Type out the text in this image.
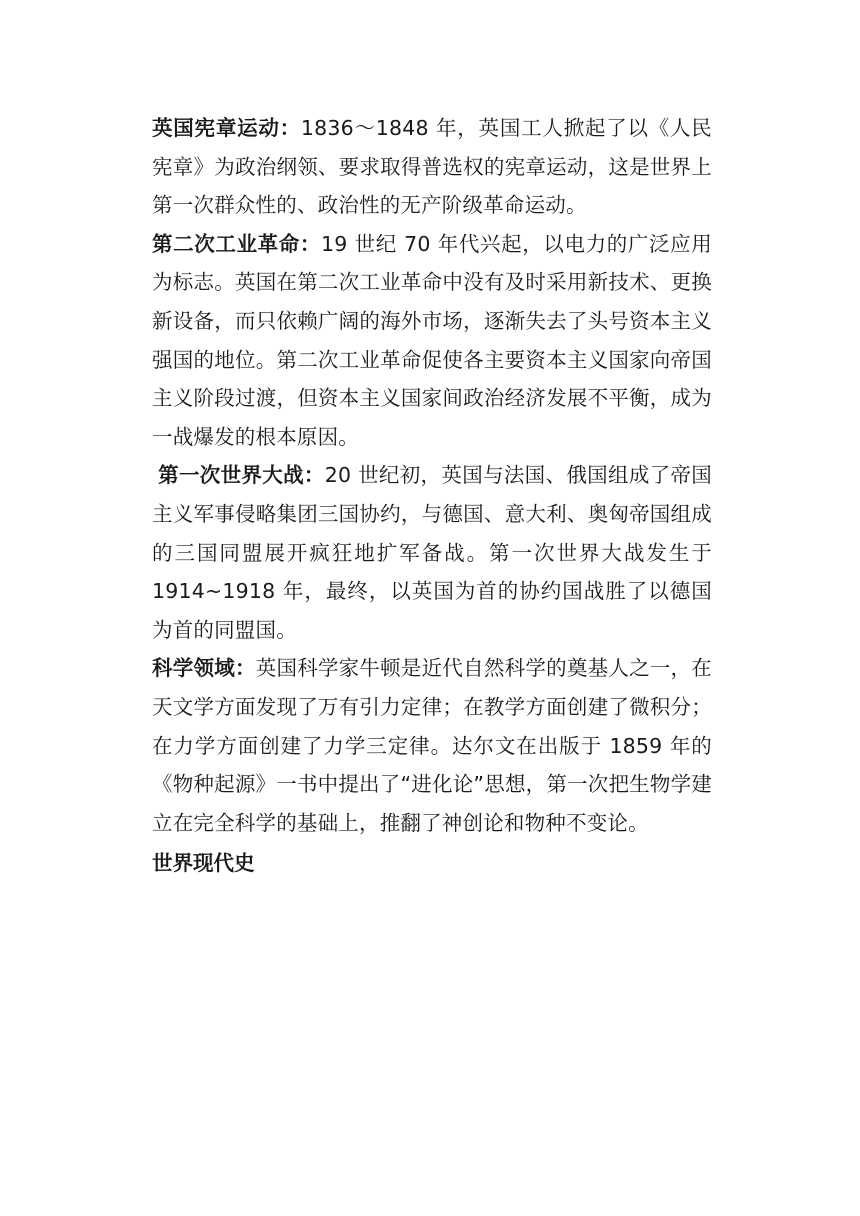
英国宪章运动：1836～1848 年，英国工人掀起了以《人民宪章》为政治纲领、要求取得普选权的宪章运动，这是世界上第一次群众性的、政治性的无产阶级革命运动。

第二次工业革命：19 世纪 70 年代兴起，以电力的广泛应用为标志。英国在第二次工业革命中没有及时采用新技术、更换新设备，而只依赖广阔的海外市场，逐渐失去了头号资本主义强国的地位。第二次工业革命促使各主要资本主义国家向帝国主义阶段过渡，但资本主义国家间政治经济发展不平衡，成为一战爆发的根本原因。

第一次世界大战：20 世纪初，英国与法国、俄国组成了帝国主义军事侵略集团三国协约，与德国、意大利、奥匈帝国组成的三国同盟展开疯狂地扩军备战。第一次世界大战发生于 1914~1918 年，最终，以英国为首的协约国战胜了以德国为首的同盟国。

科学领域：英国科学家牛顿是近代自然科学的奠基人之一，在天文学方面发现了万有引力定律；在教学方面创建了微积分；在力学方面创建了力学三定律。达尔文在出版于 1859 年的《物种起源》一书中提出了“进化论”思想，第一次把生物学建立在完全科学的基础上，推翻了神创论和物种不变论。

世界现代史
